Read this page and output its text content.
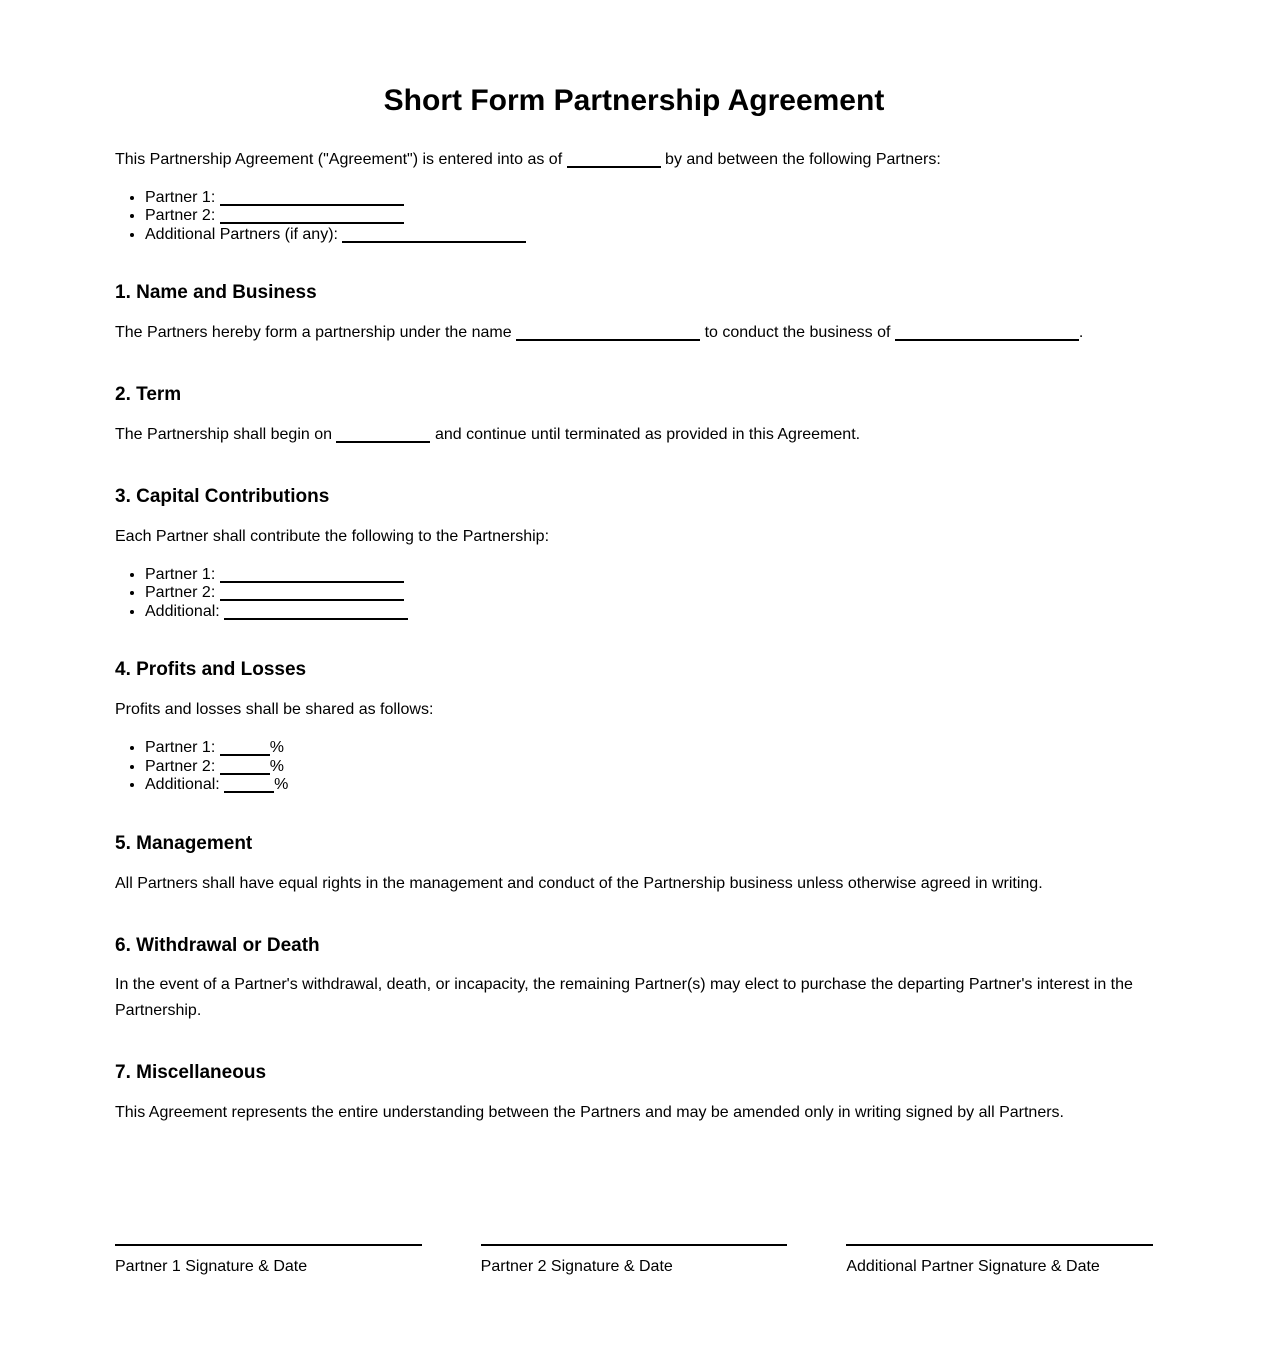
Short Form Partnership Agreement

This Partnership Agreement ("Agreement") is entered into as of	by and between the following Partners:

• Partner 1:
• Partner 2:
• Additional Partners (if any):
1. Name and Business

The Partners hereby form a partnership under the name	to conduct the business of	.

2. Term

The Partnership shall begin on	and continue until terminated as provided in this Agreement.

3. Capital Contributions

Each Partner shall contribute the following to the Partnership:

• Partner 1:
• Partner 2:
• Additional:
4. Profits and Losses

Profits and losses shall be shared as follows:

• Partner 1:	%
• Partner 2:	%
• Additional:	%
5. Management

All Partners shall have equal rights in the management and conduct of the Partnership business unless otherwise agreed in writing.

6. Withdrawal or Death

In the event of a Partner's withdrawal, death, or incapacity, the remaining Partner(s) may elect to purchase the departing Partner's interest in the Partnership.

7. Miscellaneous

This Agreement represents the entire understanding between the Partners and may be amended only in writing signed by all Partners.

Partner 1 Signature & Date	Partner 2 Signature & Date	Additional Partner Signature & Date
